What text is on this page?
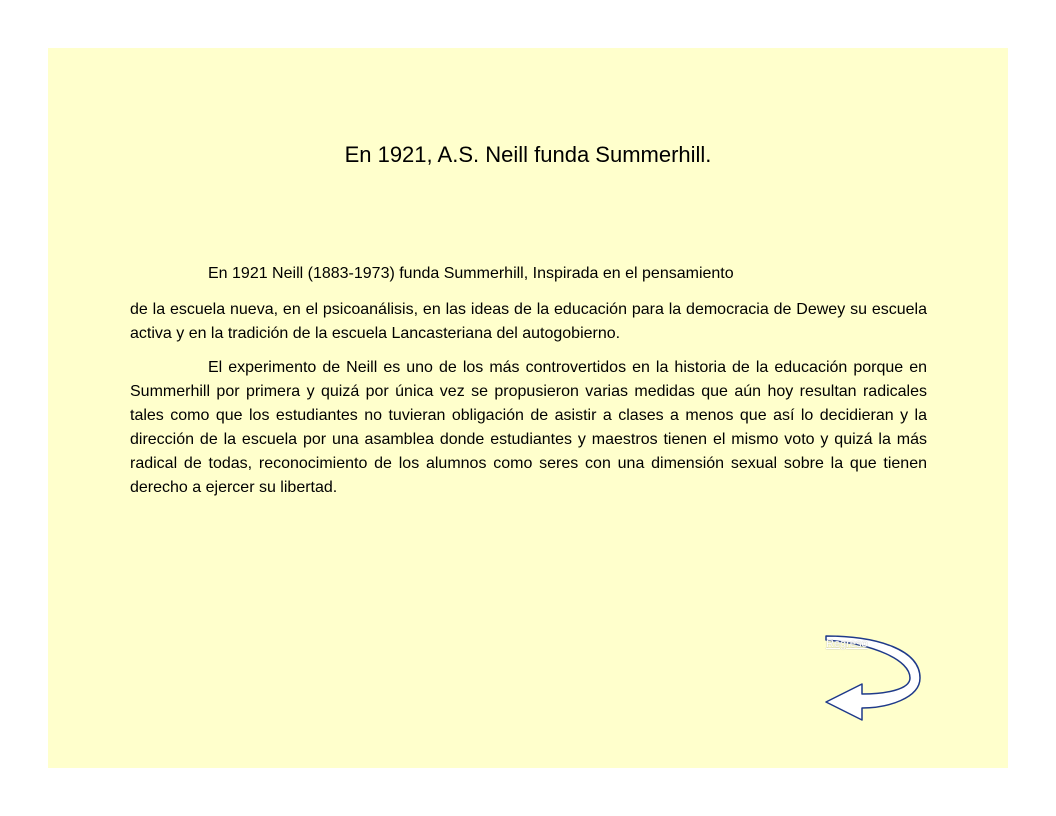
En 1921, A.S. Neill funda Summerhill.

En 1921 Neill (1883-1973) funda Summerhill, Inspirada en el pensamiento

de la escuela nueva, en el psicoanálisis, en las ideas de la educación para la democracia de Dewey su escuela activa y en la tradición de la escuela Lancasteriana del autogobierno.

El experimento de Neill es uno de los más controvertidos en la historia de la educación porque en Summerhill por primera y quizá por única vez se propusieron varias medidas que aún hoy resultan radicales tales como que los estudiantes no tuvieran obligación de asistir a clases a menos que así lo decidieran y la dirección de la escuela por una asamblea donde estudiantes y maestros tienen el mismo voto y quizá la más radical de todas, reconocimiento de los alumnos como seres con una dimensión sexual sobre la que tienen derecho a ejercer su libertad.

Regreso
